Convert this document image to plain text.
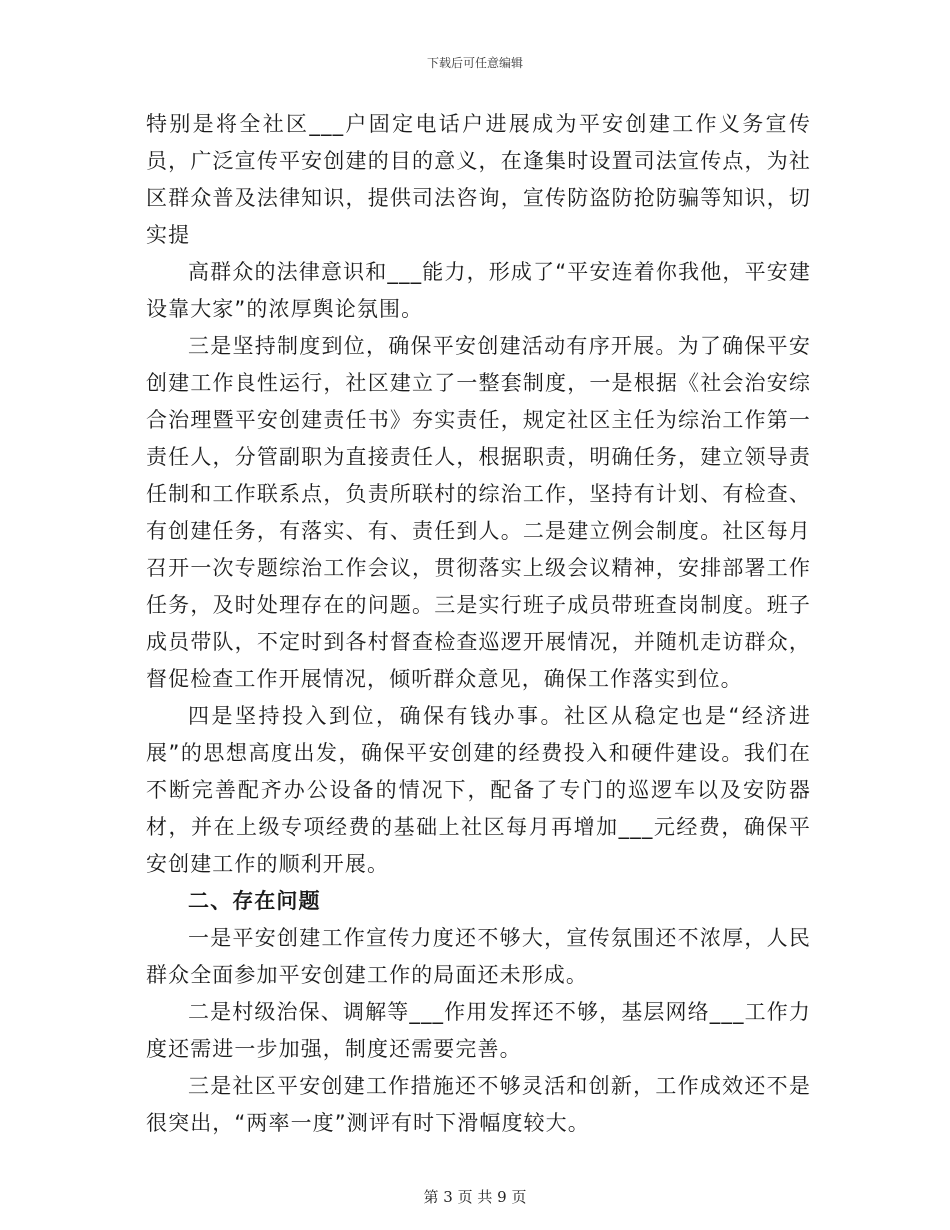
下载后可任意编辑

特别是将全社区___户固定电话户进展成为平安创建工作义务宣传员，广泛宣传平安创建的目的意义，在逢集时设置司法宣传点，为社区群众普及法律知识，提供司法咨询，宣传防盗防抢防骗等知识，切实提

高群众的法律意识和___能力，形成了“平安连着你我他，平安建设靠大家”的浓厚舆论氛围。

三是坚持制度到位，确保平安创建活动有序开展。为了确保平安创建工作良性运行，社区建立了一整套制度，一是根据《社会治安综合治理暨平安创建责任书》夯实责任，规定社区主任为综治工作第一责任人，分管副职为直接责任人，根据职责，明确任务，建立领导责任制和工作联系点，负责所联村的综治工作，坚持有计划、有检查、有创建任务，有落实、有、责任到人。二是建立例会制度。社区每月召开一次专题综治工作会议，贯彻落实上级会议精神，安排部署工作任务，及时处理存在的问题。三是实行班子成员带班查岗制度。班子成员带队，不定时到各村督查检查巡逻开展情况，并随机走访群众，督促检查工作开展情况，倾听群众意见，确保工作落实到位。

四是坚持投入到位，确保有钱办事。社区从稳定也是“经济进展”的思想高度出发，确保平安创建的经费投入和硬件建设。我们在不断完善配齐办公设备的情况下，配备了专门的巡逻车以及安防器材，并在上级专项经费的基础上社区每月再增加___元经费，确保平安创建工作的顺利开展。

二、存在问题

一是平安创建工作宣传力度还不够大，宣传氛围还不浓厚，人民群众全面参加平安创建工作的局面还未形成。

二是村级治保、调解等___作用发挥还不够，基层网络___工作力度还需进一步加强，制度还需要完善。

三是社区平安创建工作措施还不够灵活和创新，工作成效还不是很突出，“两率一度”测评有时下滑幅度较大。

第 3 页 共 9 页
